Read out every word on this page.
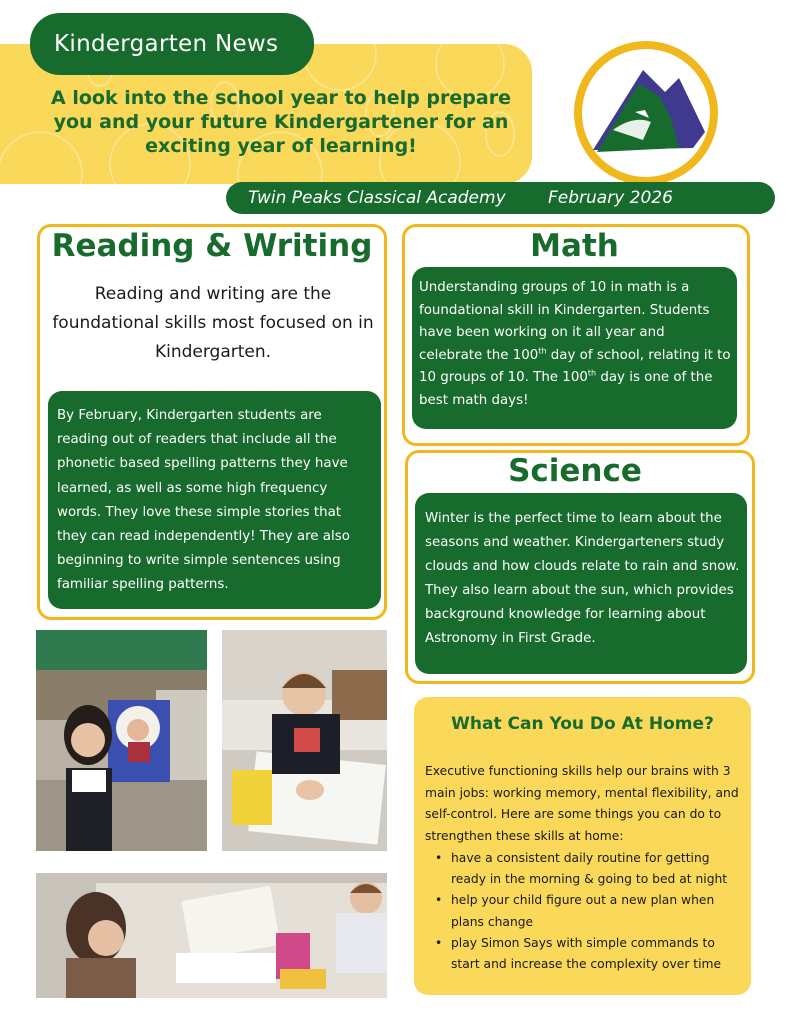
Kindergarten News
A look into the school year to help prepare you and your future Kindergartener for an exciting year of learning!
Twin Peaks Classical Academy February 2026
Reading & Writing
Reading and writing are the foundational skills most focused on in Kindergarten.
By February, Kindergarten students are reading out of readers that include all the phonetic based spelling patterns they have learned, as well as some high frequency words. They love these simple stories that they can read independently! They are also beginning to write simple sentences using familiar spelling patterns.
Math
Understanding groups of 10 in math is a foundational skill in Kindergarten. Students have been working on it all year and celebrate the 100th day of school, relating it to 10 groups of 10. The 100th day is one of the best math days!
Science
Winter is the perfect time to learn about the seasons and weather. Kindergarteners study clouds and how clouds relate to rain and snow. They also learn about the sun, which provides background knowledge for learning about Astronomy in First Grade.
What Can You Do At Home?
Executive functioning skills help our brains with 3 main jobs: working memory, mental flexibility, and self-control. Here are some things you can do to strengthen these skills at home:
• have a consistent daily routine for getting ready in the morning & going to bed at night
• help your child figure out a new plan when plans change
• play Simon Says with simple commands to start and increase the complexity over time
